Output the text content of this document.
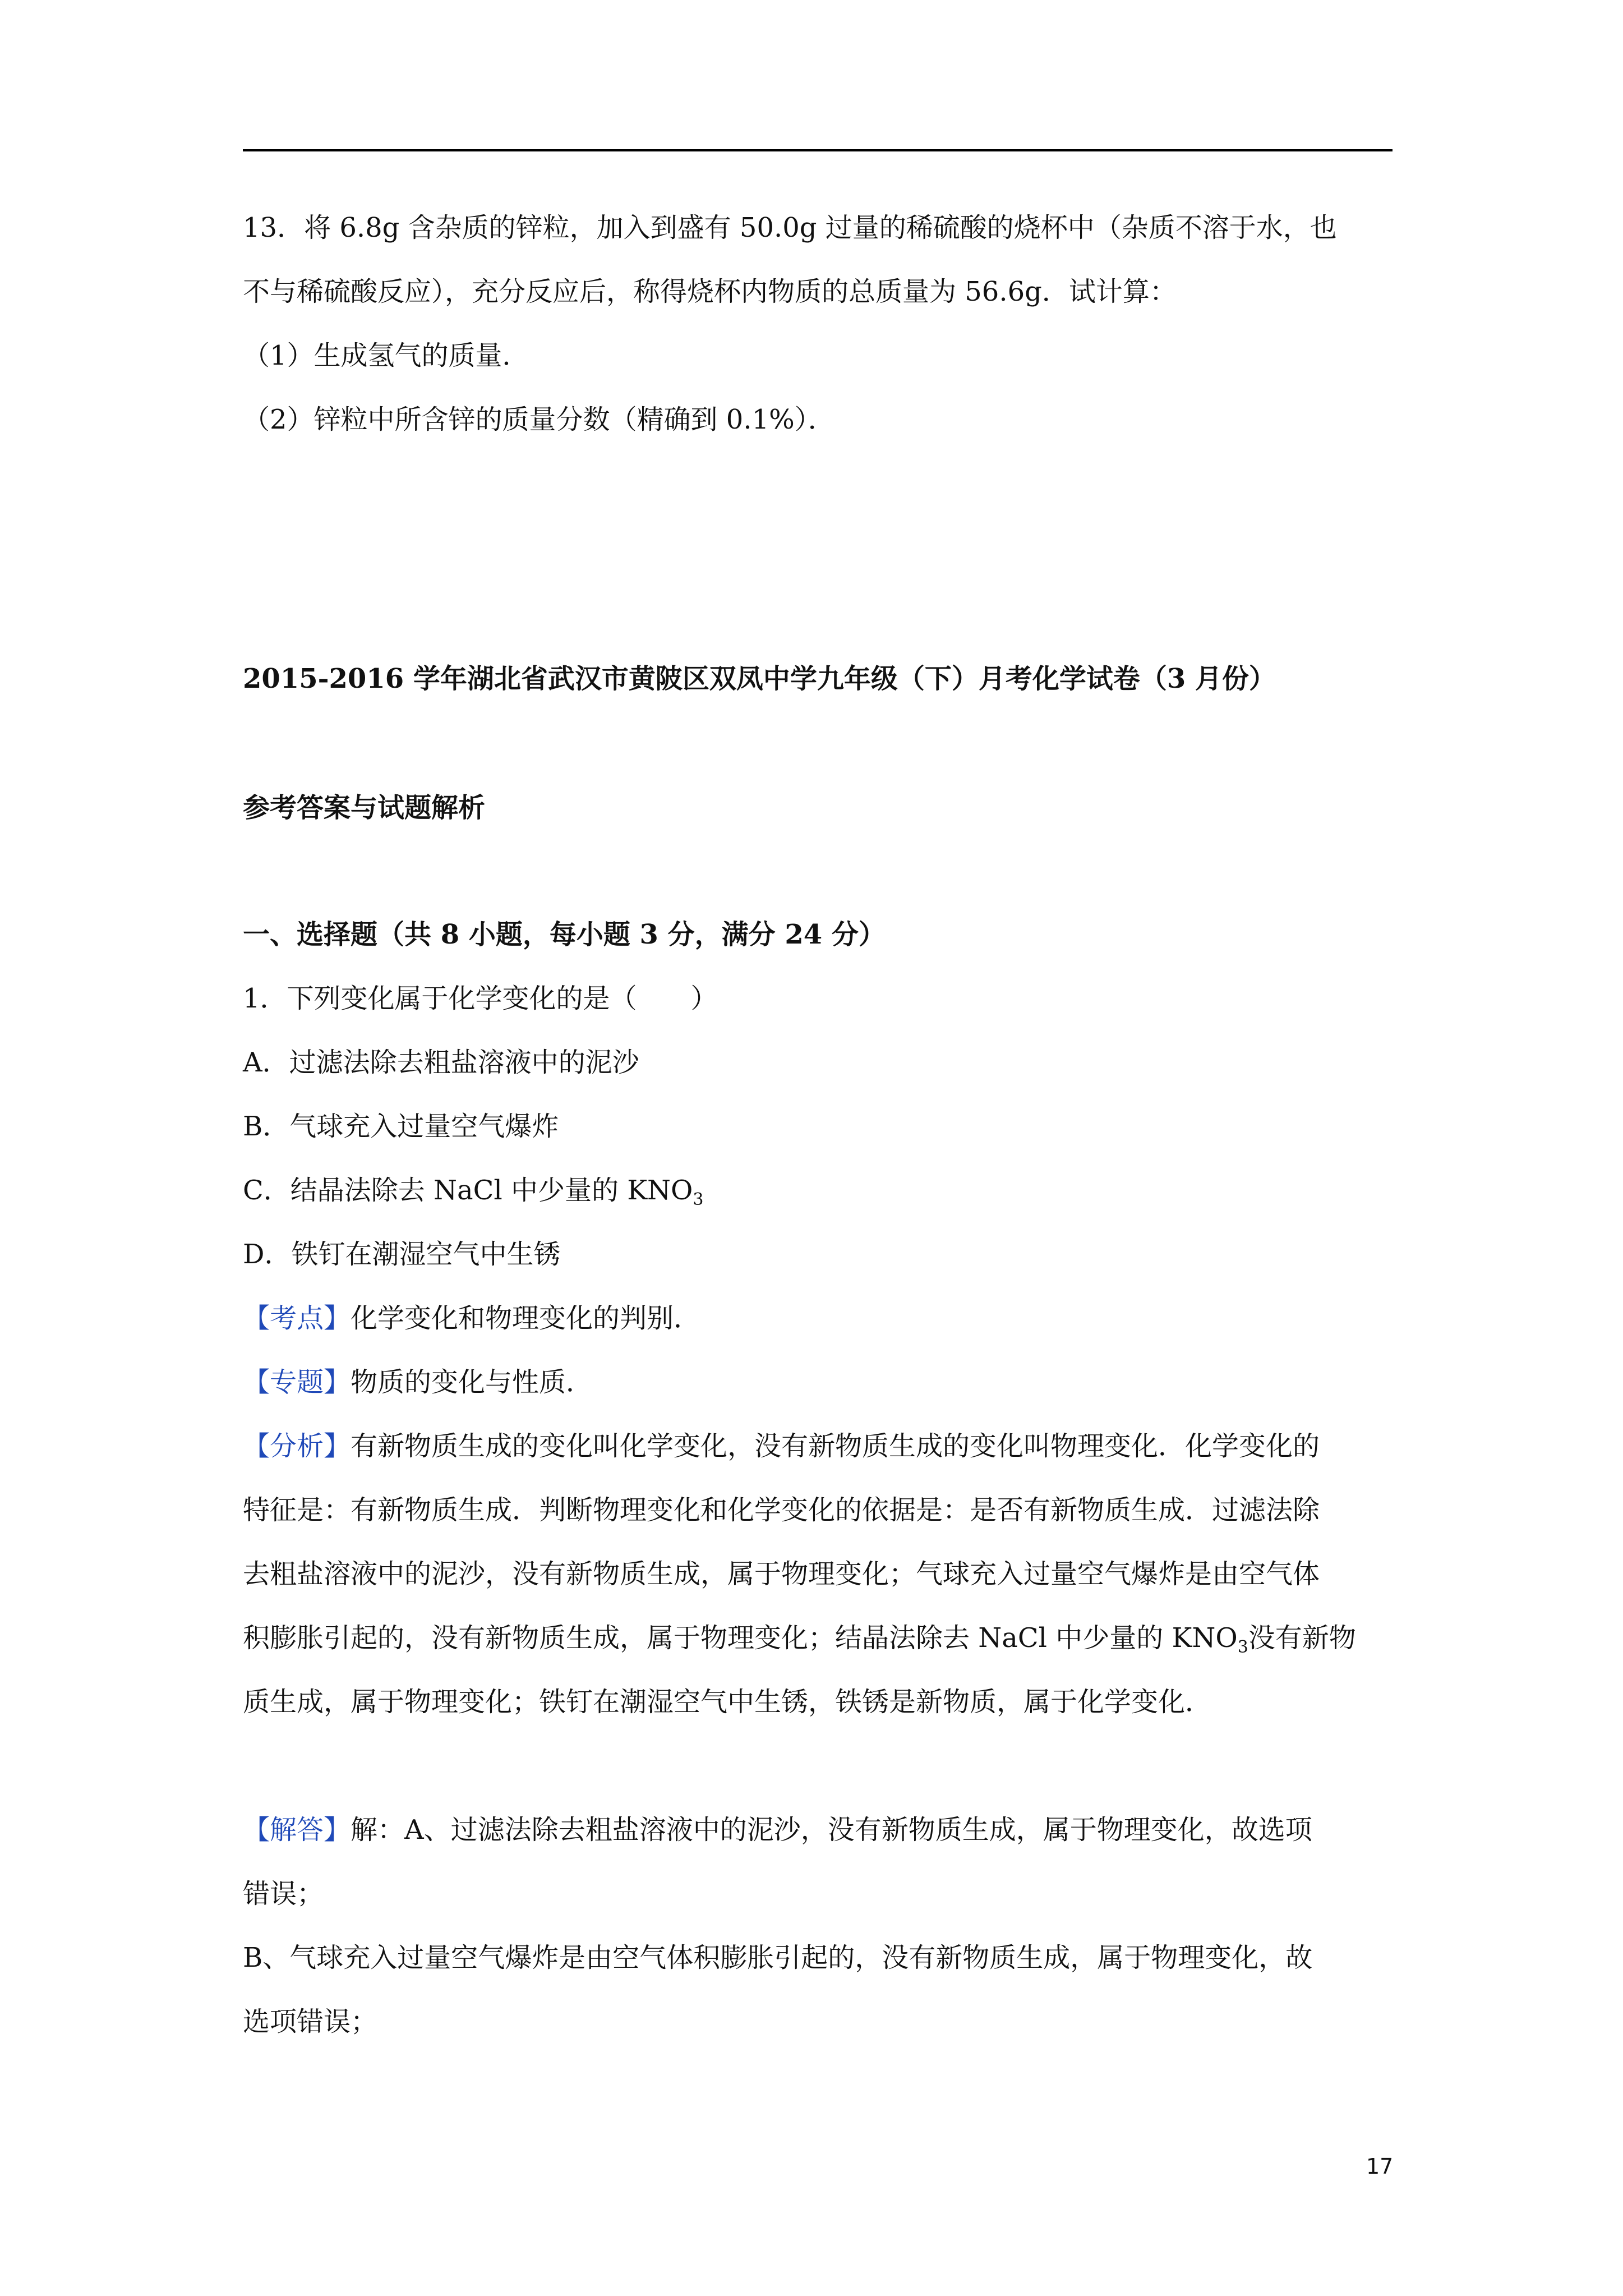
13．将 6.8g 含杂质的锌粒，加入到盛有 50.0g 过量的稀硫酸的烧杯中（杂质不溶于水，也
不与稀硫酸反应），充分反应后，称得烧杯内物质的总质量为 56.6g．试计算：
（1）生成氢气的质量．
（2）锌粒中所含锌的质量分数（精确到 0.1%）．
2015-2016 学年湖北省武汉市黄陂区双凤中学九年级（下）月考化学试卷（3 月份）
参考答案与试题解析
一、选择题（共 8 小题，每小题 3 分，满分 24 分）
1．下列变化属于化学变化的是（　　）
A．过滤法除去粗盐溶液中的泥沙
B．气球充入过量空气爆炸
C．结晶法除去 NaCl 中少量的 $KNO_3$
D．铁钉在潮湿空气中生锈
【考点】化学变化和物理变化的判别．
【专题】物质的变化与性质．
【分析】有新物质生成的变化叫化学变化，没有新物质生成的变化叫物理变化．化学变化的
特征是：有新物质生成．判断物理变化和化学变化的依据是：是否有新物质生成．过滤法除
去粗盐溶液中的泥沙，没有新物质生成，属于物理变化；气球充入过量空气爆炸是由空气体
积膨胀引起的，没有新物质生成，属于物理变化；结晶法除去 NaCl 中少量的 $KNO_3$没有新物
质生成，属于物理变化；铁钉在潮湿空气中生锈，铁锈是新物质，属于化学变化．
【解答】解：A、过滤法除去粗盐溶液中的泥沙，没有新物质生成，属于物理变化，故选项
错误；
B、气球充入过量空气爆炸是由空气体积膨胀引起的，没有新物质生成，属于物理变化，故
选项错误；
17
